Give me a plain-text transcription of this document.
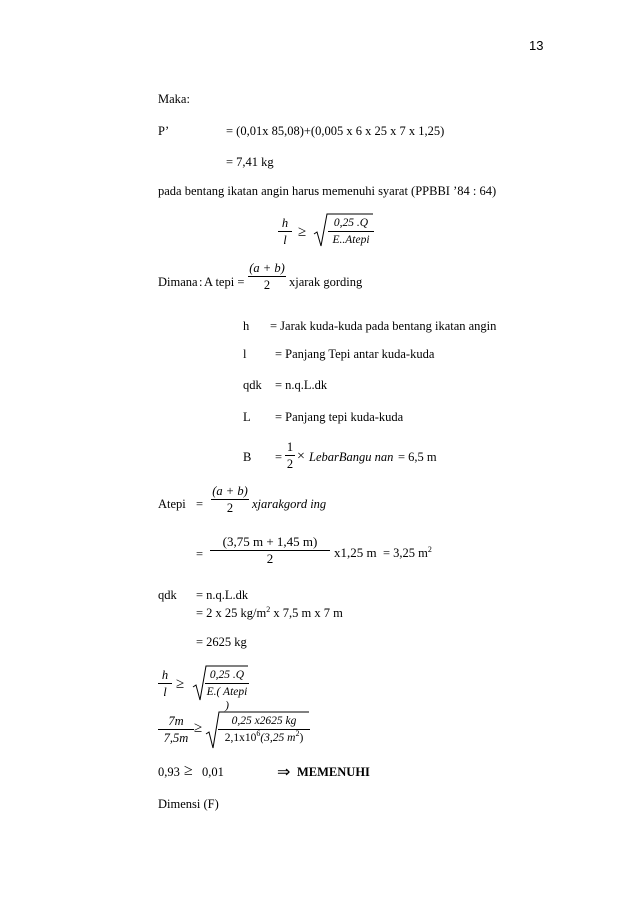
13
Maka:
P’	= (0,01x 85,08)+(0,005 x 6 x 25 x 7 x 1,25)
= 7,41 kg
pada bentang ikatan angin harus memenuhi syarat (PPBBI ’84 : 64)
h
l ≥
0,25 .Q
E..Atepi
Dimana : A tepi =
(a + b)
2	xjarak gording
h = Jarak kuda-kuda pada bentang ikatan angin
l = Panjang Tepi antar kuda-kuda
qdk = n.q.L.dk
L = Panjang tepi kuda-kuda
B =
1
2 × LebarBangu nan = 6,5 m
Atepi =
(a + b)
2	xjarakgord ing
=
(3,75 m + 1,45 m)
2	x1,25 m = 3,25 $m^2$
qdk = n.q.L.dk
= 2 x 25 $kg/m^2$ x 7,5 m x 7 m
= 2625 kg
h
l ≥
0,25 .Q
E.( Atepi )
7m
7,5m
≥	0,25 x2625 kg
$2,1x10^6(3,25$ $m^2$)
0,93 ≥ 0,01	⇒ MEMENUHI
Dimensi (F)
